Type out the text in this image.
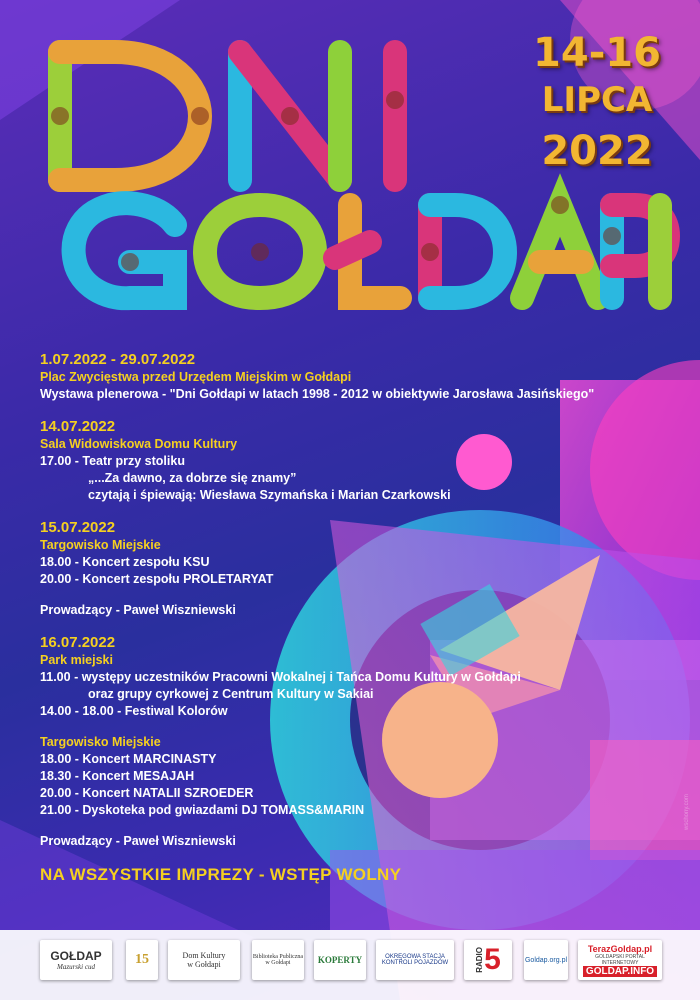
14-16
LIPCA
2022
1.07.2022 - 29.07.2022
Plac Zwycięstwa przed Urzędem Miejskim w Gołdapi
Wystawa plenerowa - "Dni Gołdapi w latach 1998 - 2012 w obiektywie Jarosława Jasińskiego"
14.07.2022
Sala Widowiskowa Domu Kultury
17.00 - Teatr przy stoliku
„...Za dawno, za dobrze się znamy”
czytają i śpiewają: Wiesława Szymańska i Marian Czarkowski
15.07.2022
Targowisko Miejskie
18.00 - Koncert zespołu KSU
20.00 - Koncert zespołu PROLETARYAT
Prowadzący - Paweł Wiszniewski
16.07.2022
Park miejski
11.00 - występy uczestników Pracowni Wokalnej i Tańca Domu Kultury w Gołdapi
oraz grupy cyrkowej z Centrum Kultury w Sakiai
14.00 - 18.00 - Festiwal Kolorów
Targowisko Miejskie
18.00 - Koncert MARCINASTY
18.30 - Koncert MESAJAH
20.00 - Koncert NATALII SZROEDER
21.00 - Dyskoteka pod gwiazdami DJ TOMASS&MARIN
Prowadzący - Paweł Wiszniewski
NA WSZYSTKIE IMPREZY - WSTĘP WOLNY
GOŁDAP
Mazurski cud	15	Dom Kultury
w Gołdapi
Biblioteka Publiczna
w Gołdapi	KOPERTY	OKRĘGOWA STACJA
KONTROLI POJAZDÓW	RADIO 5	Goldap.org.pl
TerazGoldap.pl
GOLDAPSKI PORTAL INTERNETOWY
GOLDAP.INFO
wschony.com
